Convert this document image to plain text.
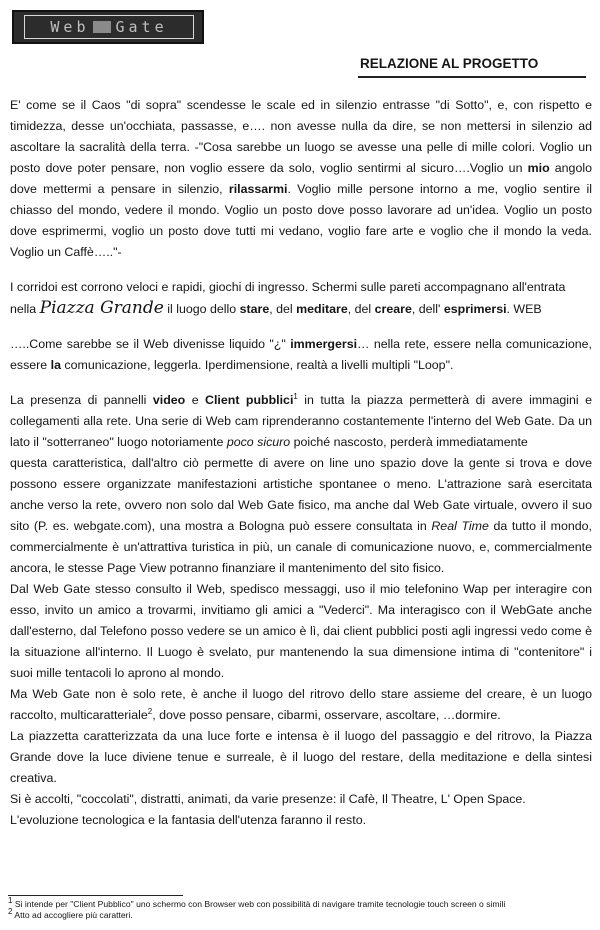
Web Gate
RELAZIONE AL PROGETTO

E' come se il Caos "di sopra" scendesse le scale ed in silenzio entrasse "di Sotto", e, con rispetto e timidezza, desse un'occhiata, passasse, e…. non avesse nulla da dire, se non mettersi in silenzio ad ascoltare la sacralità della terra. -"Cosa sarebbe un luogo se avesse una pelle di mille colori. Voglio un posto dove poter pensare, non voglio essere da solo, voglio sentirmi al sicuro….Voglio un mio angolo dove mettermi a pensare in silenzio, rilassarmi. Voglio mille persone intorno a me, voglio sentire il chiasso del mondo, vedere il mondo. Voglio un posto dove posso lavorare ad un'idea. Voglio un posto dove esprimermi, voglio un posto dove tutti mi vedano, voglio fare arte e voglio che il mondo la veda. Voglio un Caffè….."-

I corridoi est corrono veloci e rapidi, giochi di ingresso. Schermi sulle pareti accompagnano all'entrata nella Piazza Grande il luogo dello stare, del meditare, del creare, dell' esprimersi. WEB

…..Come sarebbe se il Web divenisse liquido "¿" immergersi… nella rete, essere nella comunicazione, essere la comunicazione, leggerla. Iperdimensione, realtà a livelli multipli "Loop".

La presenza di pannelli video e Client pubblici$^1$ in tutta la piazza permetterà di avere immagini e collegamenti alla rete. Una serie di Web cam riprenderanno costantemente l'interno del Web Gate. Da un lato il "sotterraneo" luogo notoriamente poco sicuro poiché nascosto, perderà immediatamente

questa caratteristica, dall'altro ciò permette di avere on line uno spazio dove la gente si trova e dove possono essere organizzate manifestazioni artistiche spontanee o meno. L'attrazione sarà esercitata anche verso la rete, ovvero non solo dal Web Gate fisico, ma anche dal Web Gate virtuale, ovvero il suo sito (P. es. webgate.com), una mostra a Bologna può essere consultata in Real Time da tutto il mondo, commercialmente è un'attrattiva turistica in più, un canale di comunicazione nuovo, e, commercialmente ancora, le stesse Page View potranno finanziare il mantenimento del sito fisico.

Dal Web Gate stesso consulto il Web, spedisco messaggi, uso il mio telefonino Wap per interagire con esso, invito un amico a trovarmi, invitiamo gli amici a "Vederci". Ma interagisco con il WebGate anche dall'esterno, dal Telefono posso vedere se un amico è lì, dai client pubblici posti agli ingressi vedo come è la situazione all'interno. Il Luogo è svelato, pur mantenendo la sua dimensione intima di "contenitore" i suoi mille tentacoli lo aprono al mondo.

Ma Web Gate non è solo rete, è anche il luogo del ritrovo dello stare assieme del creare, è un luogo raccolto, multicaratteriale$^2$, dove posso pensare, cibarmi, osservare, ascoltare, …dormire.

La piazzetta caratterizzata da una luce forte e intensa è il luogo del passaggio e del ritrovo, la Piazza Grande dove la luce diviene tenue e surreale, è il luogo del restare, della meditazione e della sintesi creativa.

Si è accolti, "coccolati", distratti, animati, da varie presenze: il Cafè, Il Theatre, L' Open Space.

L'evoluzione tecnologica e la fantasia dell'utenza faranno il resto.

$^1$ Si intende per "Client Pubblico" uno schermo con Browser web con possibilità di navigare tramite tecnologie touch screen o simili
$^2$ Atto ad accogliere più caratteri.
